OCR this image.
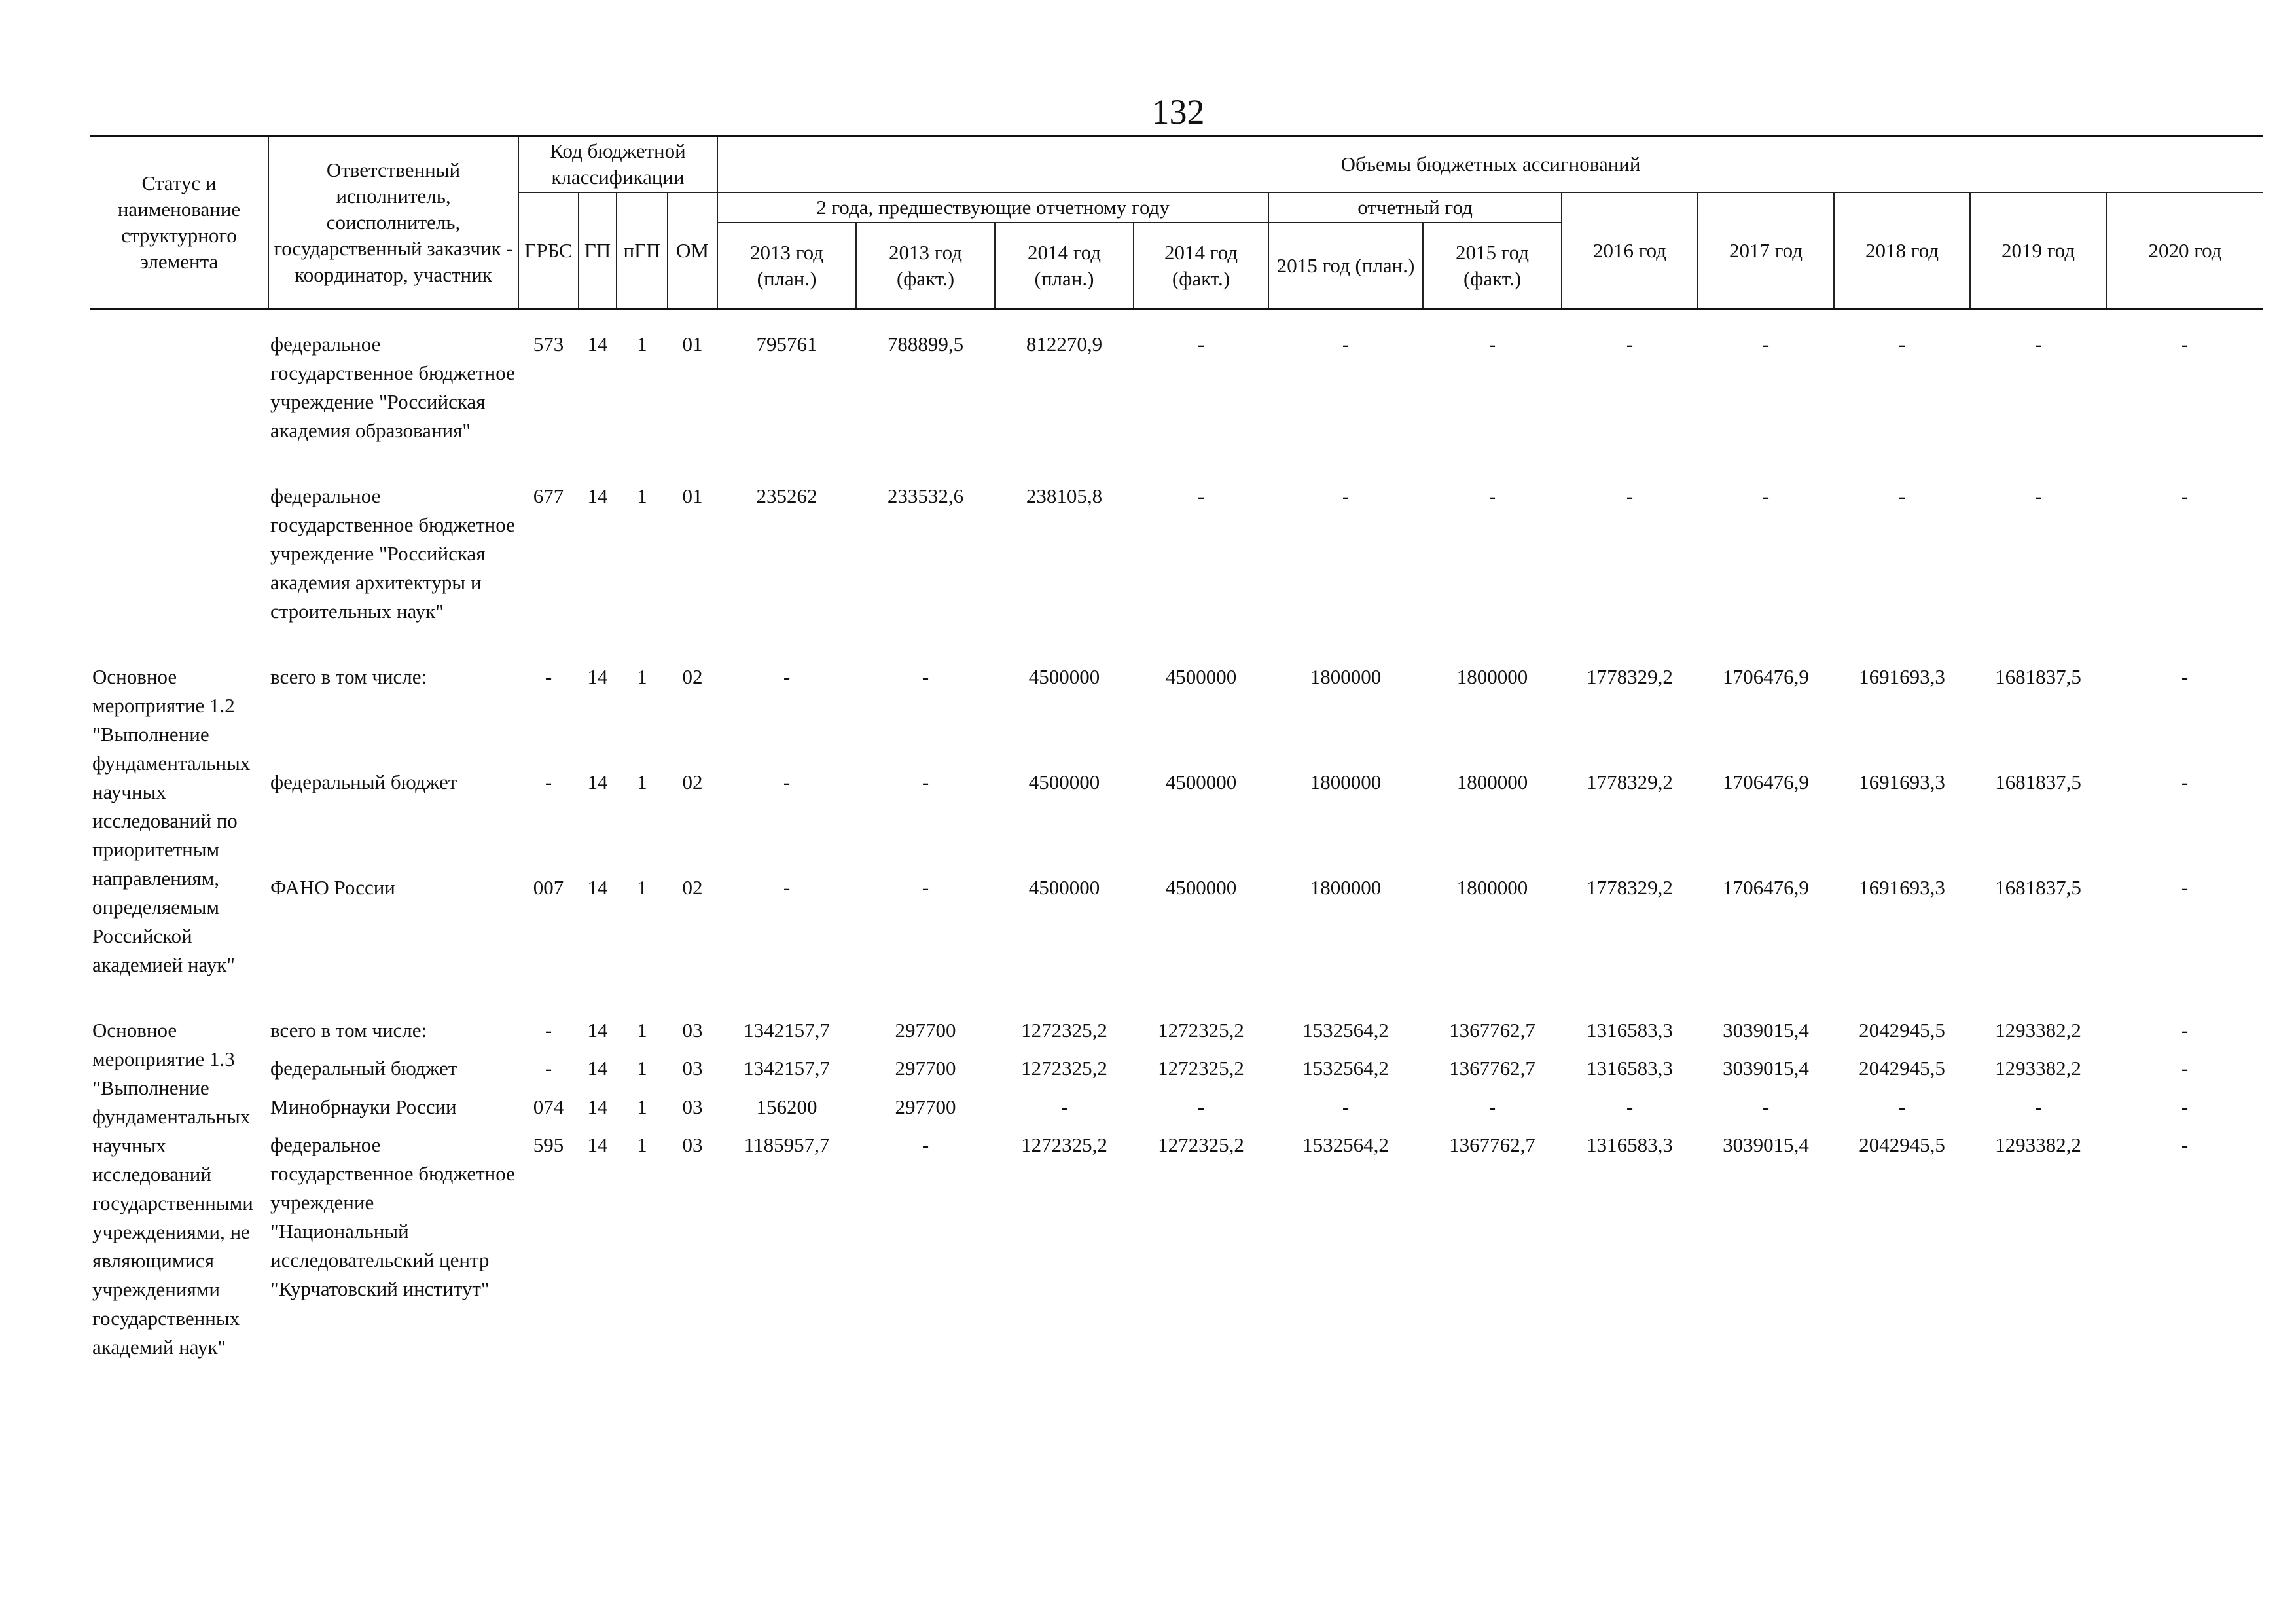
132
Статус и наименование структурного элемента	Ответственный исполнитель, соисполнитель, государственный заказчик - координатор, участник	Код бюджетной классификации				Объемы бюджетных ассигнований										
		ГРБС	ГП	пГП	ОМ	2 года, предшествующие отчетному году				отчетный год		2016 год	2017 год	2018 год	2019 год	2020 год
						2013 год (план.)	2013 год (факт.)	2014 год (план.)	2014 год (факт.)	2015 год (план.)	2015 год (факт.)					
	федеральное государственное бюджетное учреждение "Российская академия образования"	573	14	1	01	795761	788899,5	812270,9	-	-	-	-	-	-	-	-

	федеральное государственное бюджетное учреждение "Российская академия архитектуры и строительных наук"	677	14	1	01	235262	233532,6	238105,8	-	-	-	-	-	-	-	-

Основное мероприятие 1.2 "Выполнение фундаментальных научных исследований по приоритетным направлениям, определяемым Российской академией наук"	всего в том числе:	-	14	1	02	-	-	4500000	4500000	1800000	1800000	1778329,2	1706476,9	1691693,3	1681837,5	-
	федеральный бюджет	-	14	1	02	-	-	4500000	4500000	1800000	1800000	1778329,2	1706476,9	1691693,3	1681837,5	-
	ФАНО России	007	14	1	02	-	-	4500000	4500000	1800000	1800000	1778329,2	1706476,9	1691693,3	1681837,5	-

Основное мероприятие 1.3 "Выполнение фундаментальных научных исследований государственными учреждениями, не являющимися учреждениями государственных академий наук"	всего в том числе:	-	14	1	03	1342157,7	297700	1272325,2	1272325,2	1532564,2	1367762,7	1316583,3	3039015,4	2042945,5	1293382,2	-
	федеральный бюджет	-	14	1	03	1342157,7	297700	1272325,2	1272325,2	1532564,2	1367762,7	1316583,3	3039015,4	2042945,5	1293382,2	-
	Минобрнауки России	074	14	1	03	156200	297700	-	-	-	-	-	-	-	-	-
	федеральное государственное бюджетное учреждение "Национальный исследовательский центр "Курчатовский институт"	595	14	1	03	1185957,7	-	1272325,2	1272325,2	1532564,2	1367762,7	1316583,3	3039015,4	2042945,5	1293382,2	-
